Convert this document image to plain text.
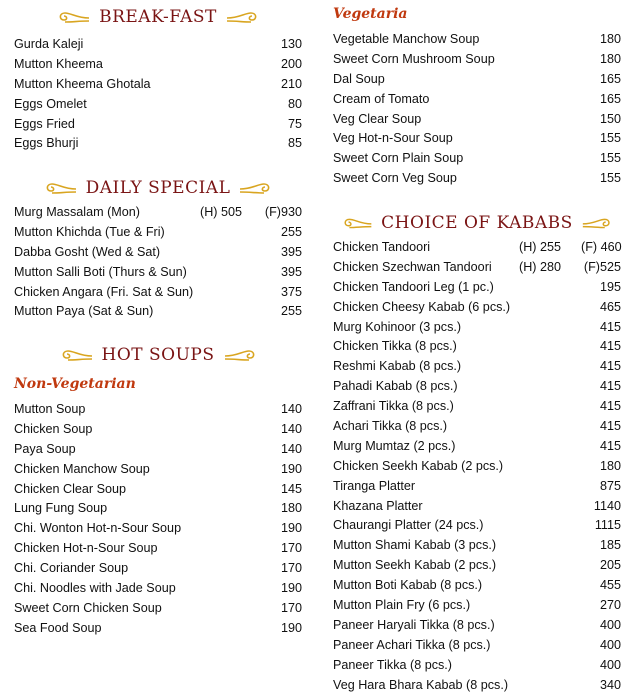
BREAK-FAST
Gurda Kaleji	130
Mutton Kheema	200
Mutton Kheema Ghotala	210
Eggs Omelet	80
Eggs Fried	75
Eggs Bhurji	85
DAILY SPECIAL
Murg Massalam (Mon)	(H) 505	(F)930
Mutton Khichda (Tue & Fri)	255
Dabba Gosht (Wed & Sat)	395
Mutton Salli Boti (Thurs & Sun)	395
Chicken Angara (Fri. Sat & Sun)	375
Mutton Paya (Sat & Sun)	255
HOT SOUPS
Non-Vegetarian
Mutton Soup	140
Chicken Soup	140
Paya Soup	140
Chicken Manchow Soup	190
Chicken Clear Soup	145
Lung Fung Soup	180
Chi. Wonton Hot-n-Sour Soup	190
Chicken Hot-n-Sour Soup	170
Chi. Coriander Soup	170
Chi. Noodles with Jade Soup	190
Sweet Corn Chicken Soup	170
Sea Food Soup	190
Vegetaria
Vegetable Manchow Soup	180
Sweet Corn Mushroom Soup	180
Dal Soup	165
Cream of Tomato	165
Veg Clear Soup	150
Veg Hot-n-Sour Soup	155
Sweet Corn Plain Soup	155
Sweet Corn Veg Soup	155
CHOICE OF KABABS
Chicken Tandoori	(H) 255	(F) 460
Chicken Szechwan Tandoori	(H) 280	(F)525
Chicken Tandoori Leg (1 pc.)	195
Chicken Cheesy Kabab (6 pcs.)	465
Murg Kohinoor (3 pcs.)	415
Chicken Tikka (8 pcs.)	415
Reshmi Kabab (8 pcs.)	415
Pahadi Kabab (8 pcs.)	415
Zaffrani Tikka (8 pcs.)	415
Achari Tikka (8 pcs.)	415
Murg Mumtaz (2 pcs.)	415
Chicken Seekh Kabab (2 pcs.)	180
Tiranga Platter	875
Khazana Platter	1140
Chaurangi Platter (24 pcs.)	1115
Mutton Shami Kabab (3 pcs.)	185
Mutton Seekh Kabab (2 pcs.)	205
Mutton Boti Kabab (8 pcs.)	455
Mutton Plain Fry (6 pcs.)	270
Paneer Haryali Tikka (8 pcs.)	400
Paneer Achari Tikka (8 pcs.)	400
Paneer Tikka (8 pcs.)	400
Veg Hara Bhara Kabab (8 pcs.)	340
